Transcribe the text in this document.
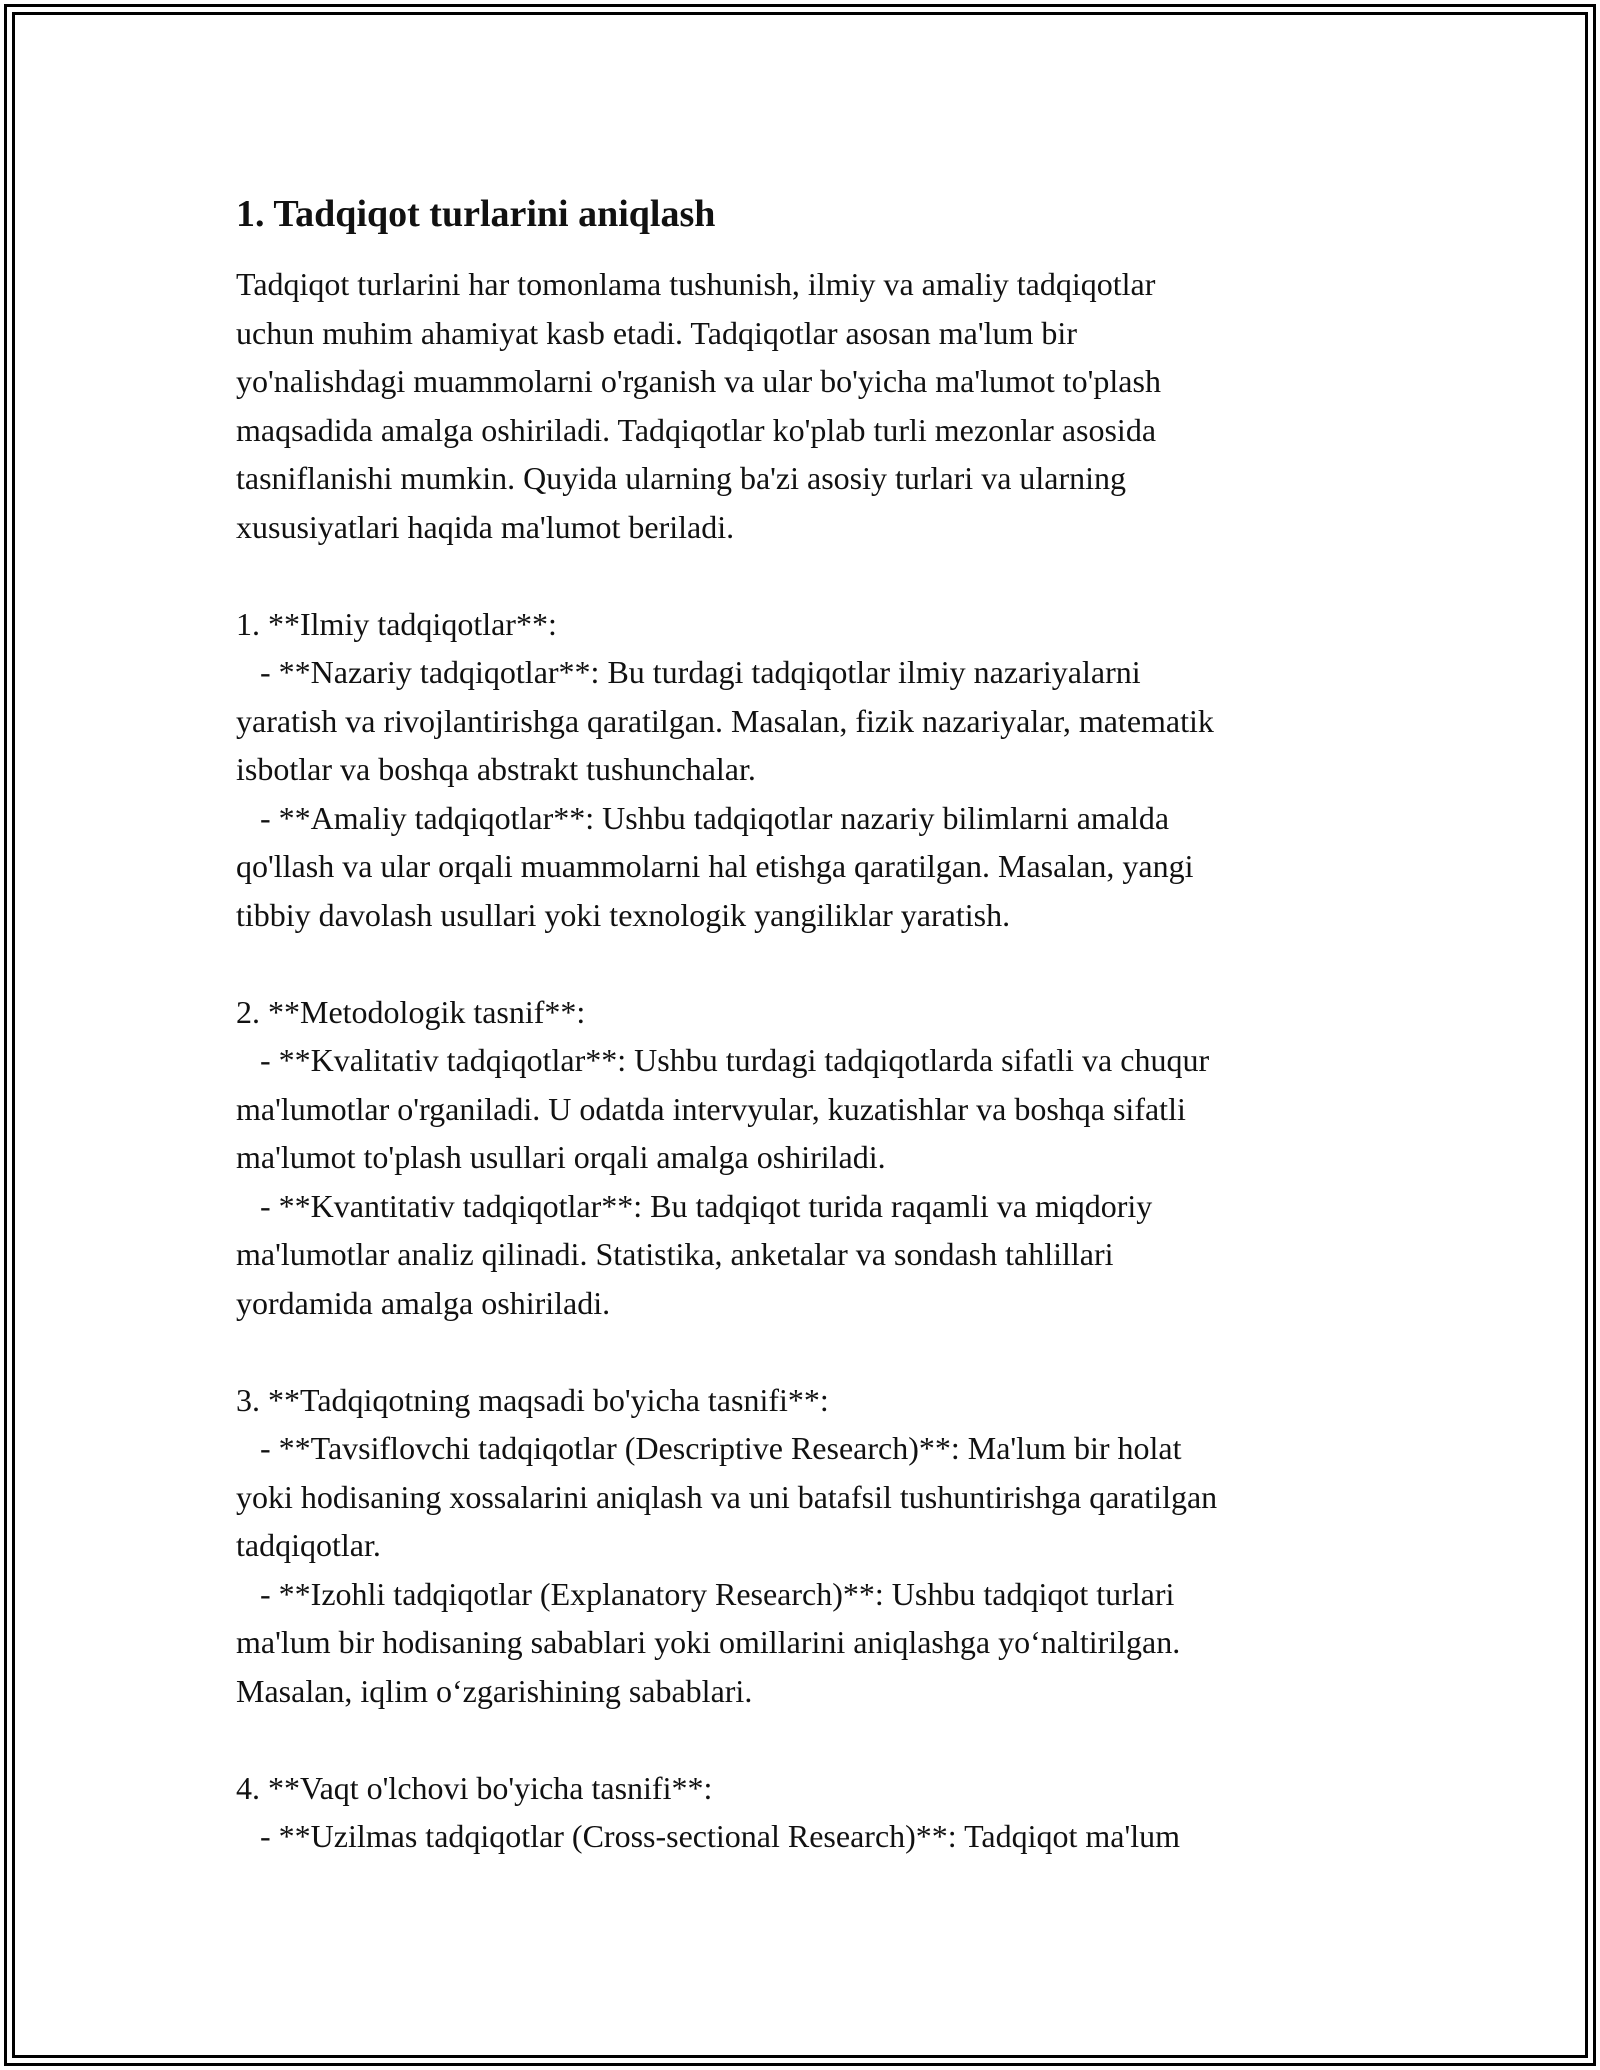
1. Tadqiqot turlarini aniqlash
Tadqiqot turlarini har tomonlama tushunish, ilmiy va amaliy tadqiqotlar
uchun muhim ahamiyat kasb etadi. Tadqiqotlar asosan ma'lum bir
yo'nalishdagi muammolarni o'rganish va ular bo'yicha ma'lumot to'plash
maqsadida amalga oshiriladi. Tadqiqotlar ko'plab turli mezonlar asosida
tasniflanishi mumkin. Quyida ularning ba'zi asosiy turlari va ularning
xususiyatlari haqida ma'lumot beriladi.
1. **Ilmiy tadqiqotlar**:
- **Nazariy tadqiqotlar**: Bu turdagi tadqiqotlar ilmiy nazariyalarni
yaratish va rivojlantirishga qaratilgan. Masalan, fizik nazariyalar, matematik
isbotlar va boshqa abstrakt tushunchalar.
- **Amaliy tadqiqotlar**: Ushbu tadqiqotlar nazariy bilimlarni amalda
qo'llash va ular orqali muammolarni hal etishga qaratilgan. Masalan, yangi
tibbiy davolash usullari yoki texnologik yangiliklar yaratish.
2. **Metodologik tasnif**:
- **Kvalitativ tadqiqotlar**: Ushbu turdagi tadqiqotlarda sifatli va chuqur
ma'lumotlar o'rganiladi. U odatda intervyular, kuzatishlar va boshqa sifatli
ma'lumot to'plash usullari orqali amalga oshiriladi.
- **Kvantitativ tadqiqotlar**: Bu tadqiqot turida raqamli va miqdoriy
ma'lumotlar analiz qilinadi. Statistika, anketalar va sondash tahlillari
yordamida amalga oshiriladi.
3. **Tadqiqotning maqsadi bo'yicha tasnifi**:
- **Tavsiflovchi tadqiqotlar (Descriptive Research)**: Ma'lum bir holat
yoki hodisaning xossalarini aniqlash va uni batafsil tushuntirishga qaratilgan
tadqiqotlar.
- **Izohli tadqiqotlar (Explanatory Research)**: Ushbu tadqiqot turlari
ma'lum bir hodisaning sabablari yoki omillarini aniqlashga yo‘naltirilgan.
Masalan, iqlim o‘zgarishining sabablari.
4. **Vaqt o'lchovi bo'yicha tasnifi**:
- **Uzilmas tadqiqotlar (Cross-sectional Research)**: Tadqiqot ma'lum
